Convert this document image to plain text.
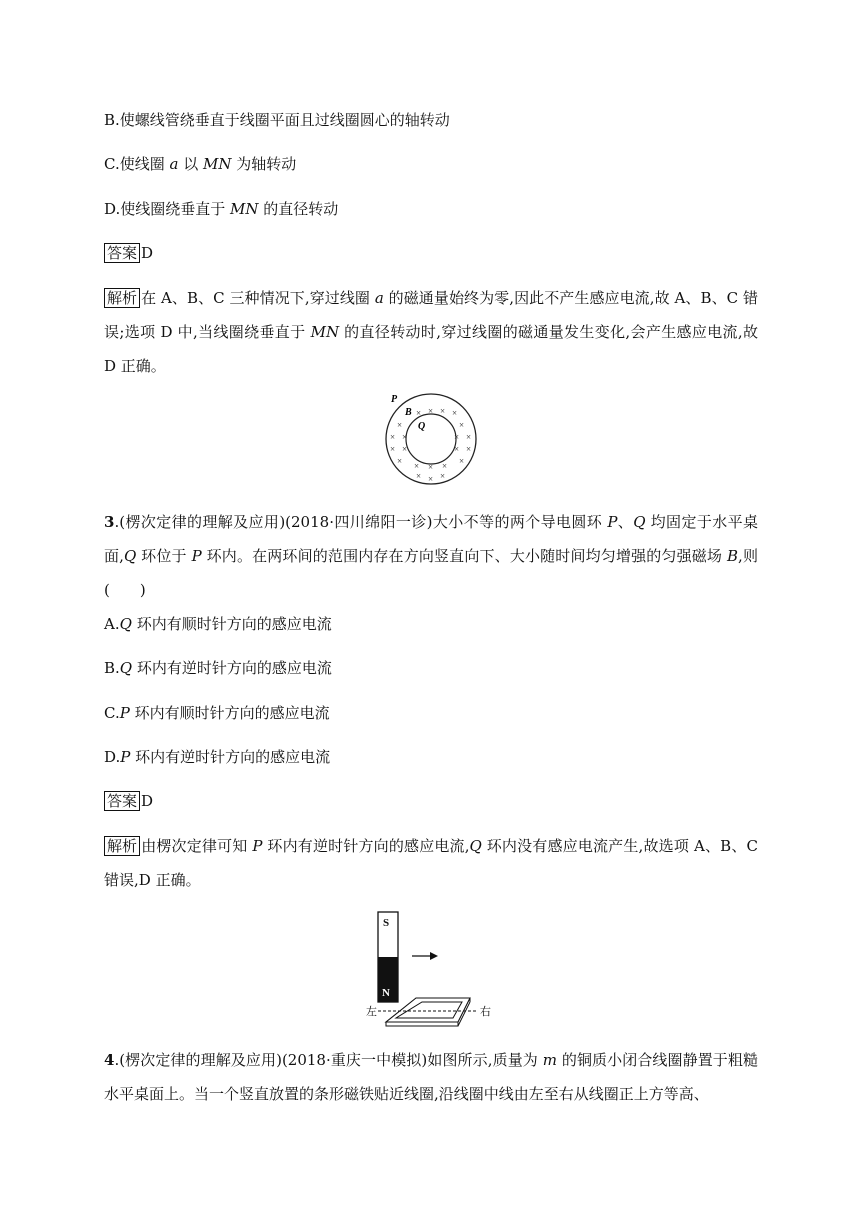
B.使螺线管绕垂直于线圈平面且过线圈圆心的轴转动
C.使线圈 a 以 MN 为轴转动
D.使线圈绕垂直于 MN 的直径转动
答案 D
解析 在 A、B、C 三种情况下,穿过线圈 a 的磁通量始终为零,因此不产生感应电流,故 A、B、C 错误;选项 D 中,当线圈绕垂直于 MN 的直径转动时,穿过线圈的磁通量发生变化,会产生感应电流,故 D 正确。
× × × ×
×	×
× ×	× ×
× ×	× ×
×	×
× × ×
× × ×
P
B
Q
3.(楞次定律的理解及应用)(2018·四川绵阳一诊)大小不等的两个导电圆环 P、Q 均固定于水平桌面,Q 环位于 P 环内。在两环间的范围内存在方向竖直向下、大小随时间均匀增强的匀强磁场 B,则(　　)
A.Q 环内有顺时针方向的感应电流
B.Q 环内有逆时针方向的感应电流
C.P 环内有顺时针方向的感应电流
D.P 环内有逆时针方向的感应电流
答案 D
解析 由楞次定律可知 P 环内有逆时针方向的感应电流,Q 环内没有感应电流产生,故选项 A、B、C 错误,D 正确。
S
N
左	右
4.(楞次定律的理解及应用)(2018·重庆一中模拟)如图所示,质量为 m 的铜质小闭合线圈静置于粗糙水平桌面上。当一个竖直放置的条形磁铁贴近线圈,沿线圈中线由左至右从线圈正上方等高、
